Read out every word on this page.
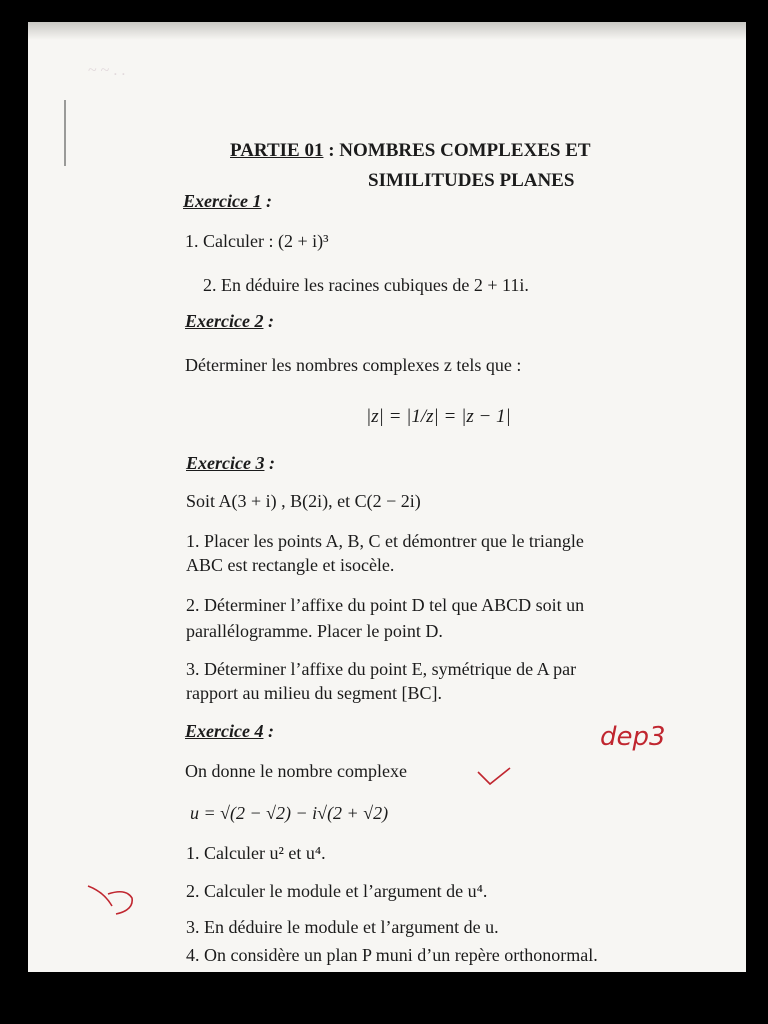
~ ~ . .
PARTIE 01 : NOMBRES COMPLEXES ET
SIMILITUDES PLANES
Exercice 1 :
1. Calculer : (2 + i)³
2. En déduire les racines cubiques de 2 + 11i.
Exercice 2 :
Déterminer les nombres complexes z tels que :
|z| = |1/z| = |z − 1|
Exercice 3 :
Soit A(3 + i) , B(2i), et C(2 − 2i)
1. Placer les points A, B, C et démontrer que le triangle
ABC est rectangle et isocèle.
2. Déterminer l’affixe du point D tel que ABCD soit un
parallélogramme. Placer le point D.
3. Déterminer l’affixe du point E, symétrique de A par
rapport au milieu du segment [BC].
Exercice 4 :
On donne le nombre complexe
u = √(2 − √2) − i√(2 + √2)
1. Calculer u² et u⁴.
2. Calculer le module et l’argument de u⁴.
3. En déduire le module et l’argument de u.
4. On considère un plan P muni d’un repère orthonormal.
dep3
